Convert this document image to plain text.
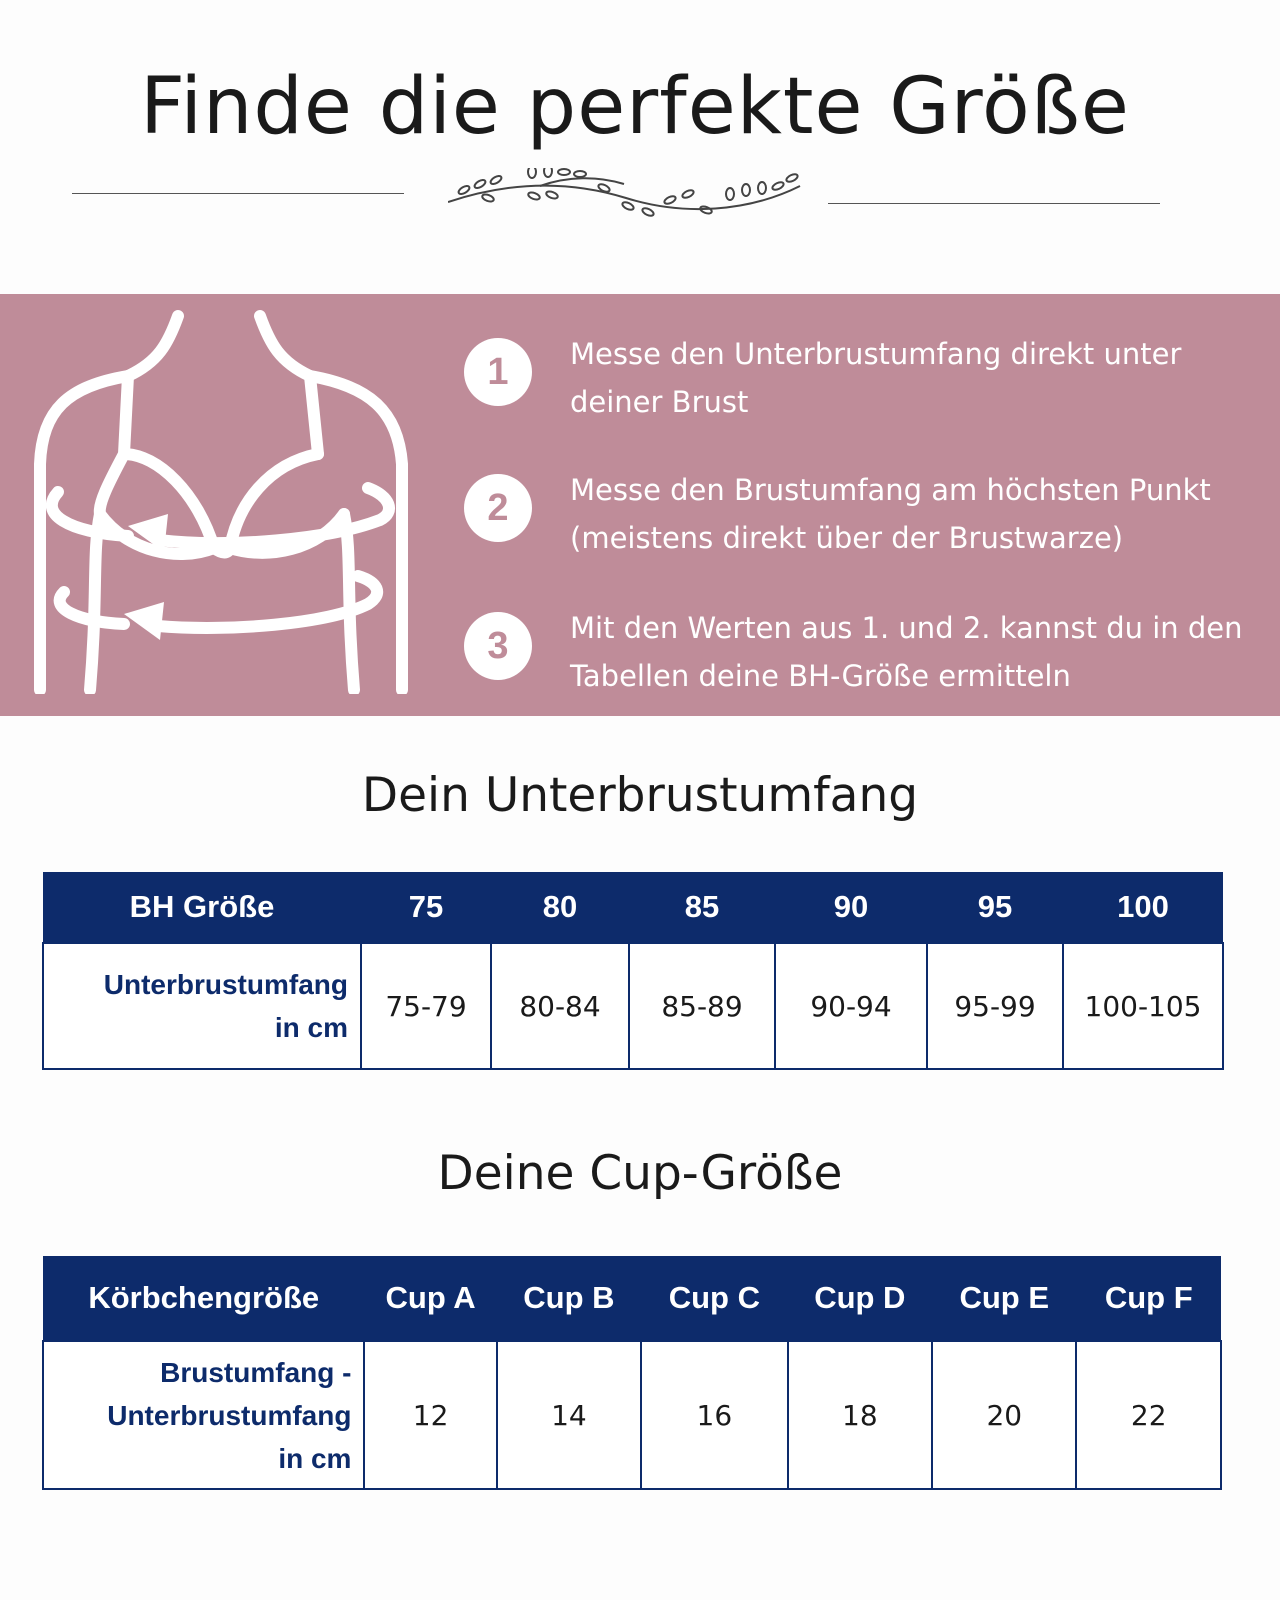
Finde die perfekte Größe
1	Messe den Unterbrustumfang direkt unter deiner Brust
2	Messe den Brustumfang am höchsten Punkt (meistens direkt über der Brustwarze)
3	Mit den Werten aus 1. und 2. kannst du in den Tabellen deine BH-Größe ermitteln
Dein Unterbrustumfang
BH Größe	75	80	85	90	95	100
Unterbrustumfang
in cm	75-79	80-84	85-89	90-94	95-99	100-105
Deine Cup-Größe
Körbchengröße	Cup A	Cup B	Cup C	Cup D	Cup E	Cup F
Brustumfang -
Unterbrustumfang
in cm	12	14	16	18	20	22
